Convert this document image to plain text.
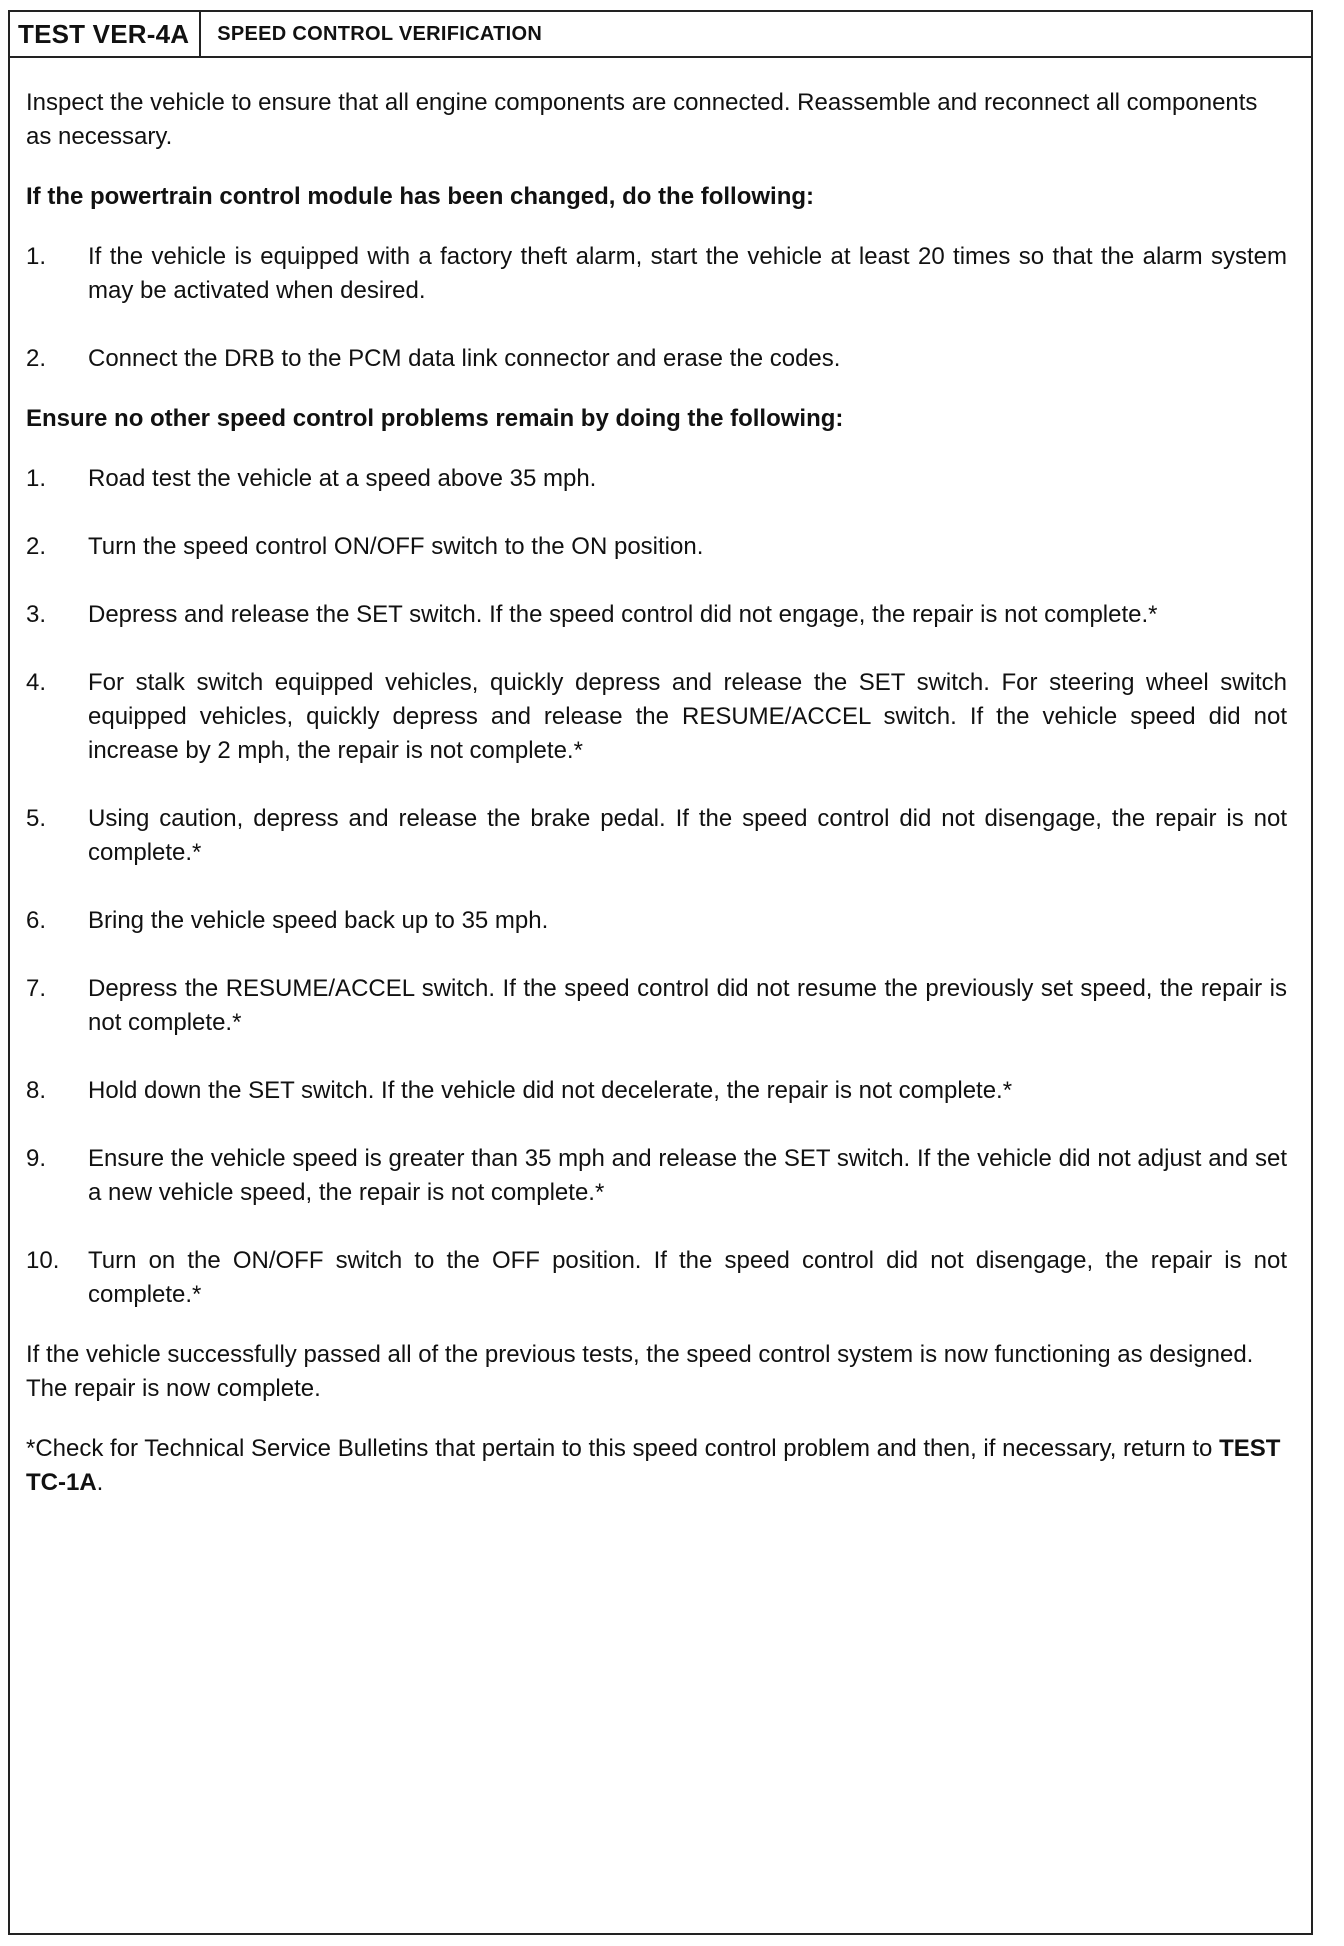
TEST VER-4A	SPEED CONTROL VERIFICATION

Inspect the vehicle to ensure that all engine components are connected. Reassemble and reconnect all components as necessary.

If the powertrain control module has been changed, do the following:

1.	If the vehicle is equipped with a factory theft alarm, start the vehicle at least 20 times so that the alarm system may be activated when desired.
2.	Connect the DRB to the PCM data link connector and erase the codes.

Ensure no other speed control problems remain by doing the following:

1.	Road test the vehicle at a speed above 35 mph.
2.	Turn the speed control ON/OFF switch to the ON position.
3.	Depress and release the SET switch. If the speed control did not engage, the repair is not complete.*
4.	For stalk switch equipped vehicles, quickly depress and release the SET switch. For steering wheel switch equipped vehicles, quickly depress and release the RESUME/ACCEL switch. If the vehicle speed did not increase by 2 mph, the repair is not complete.*
5.	Using caution, depress and release the brake pedal. If the speed control did not disengage, the repair is not complete.*
6.	Bring the vehicle speed back up to 35 mph.
7.	Depress the RESUME/ACCEL switch. If the speed control did not resume the previously set speed, the repair is not complete.*
8.	Hold down the SET switch. If the vehicle did not decelerate, the repair is not complete.*
9.	Ensure the vehicle speed is greater than 35 mph and release the SET switch. If the vehicle did not adjust and set a new vehicle speed, the repair is not complete.*
10.	Turn on the ON/OFF switch to the OFF position. If the speed control did not disengage, the repair is not complete.*

If the vehicle successfully passed all of the previous tests, the speed control system is now functioning as designed. The repair is now complete.

*Check for Technical Service Bulletins that pertain to this speed control problem and then, if necessary, return to TEST TC-1A.
